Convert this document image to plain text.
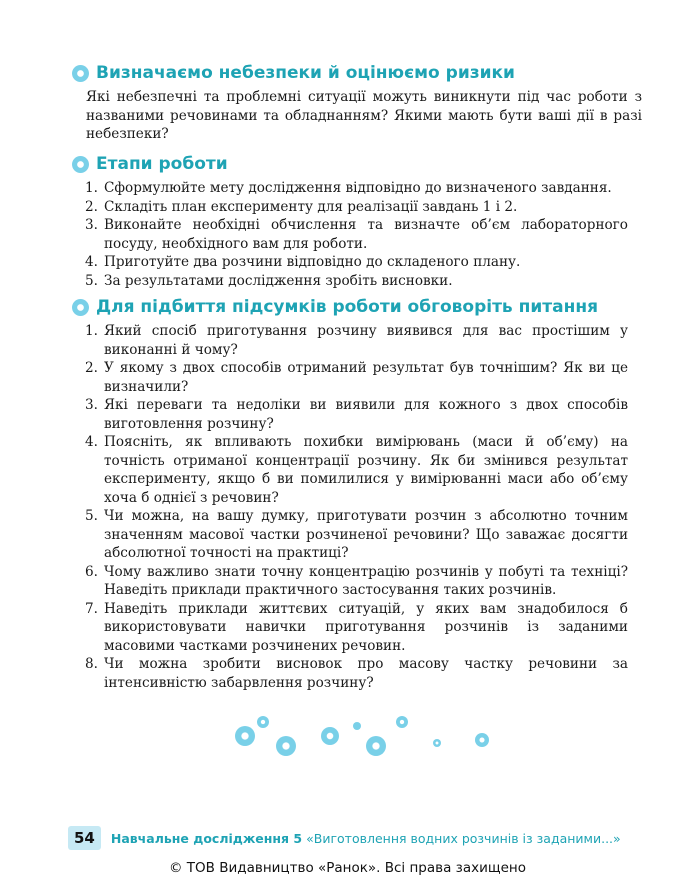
Визначаємо небезпеки й оцінюємо ризики
Які небезпечні та проблемні ситуації можуть виникнути під час роботи з названими речовинами та обладнанням? Якими мають бути ваші дії в разі небезпеки?
Етапи роботи
1. Сформулюйте мету дослідження відповідно до визначеного завдання.
2. Складіть план експерименту для реалізації завдань 1 і 2.
3. Виконайте необхідні обчислення та визначте об’єм лабораторного посуду, необхідного вам для роботи.
4. Приготуйте два розчини відповідно до складеного плану.
5. За результатами дослідження зробіть висновки.
Для підбиття підсумків роботи обговоріть питання
1. Який спосіб приготування розчину виявився для вас простішим у виконанні й чому?
2. У якому з двох способів отриманий результат був точнішим? Як ви це визначили?
3. Які переваги та недоліки ви виявили для кожного з двох способів виготовлення розчину?
4. Поясніть, як впливають похибки вимірювань (маси й об’єму) на точність отриманої концентрації розчину. Як би змінився результат експерименту, якщо б ви помилилися у вимірюванні маси або об’єму хоча б однієї з речовин?
5. Чи можна, на вашу думку, приготувати розчин з абсолютно точним значенням масової частки розчиненої речовини? Що заважає досягти абсолютної точності на практиці?
6. Чому важливо знати точну концентрацію розчинів у побуті та техніці? Наведіть приклади практичного застосування таких розчинів.
7. Наведіть приклади життєвих ситуацій, у яких вам знадобилося б використовувати навички приготування розчинів із заданими масовими частками розчинених речовин.
8. Чи можна зробити висновок про масову частку речовини за інтенсивністю забарвлення розчину?
54	Навчальне дослідження 5 «Виготовлення водних розчинів із заданими...»
© ТОВ Видавництво «Ранок». Всі права захищено
